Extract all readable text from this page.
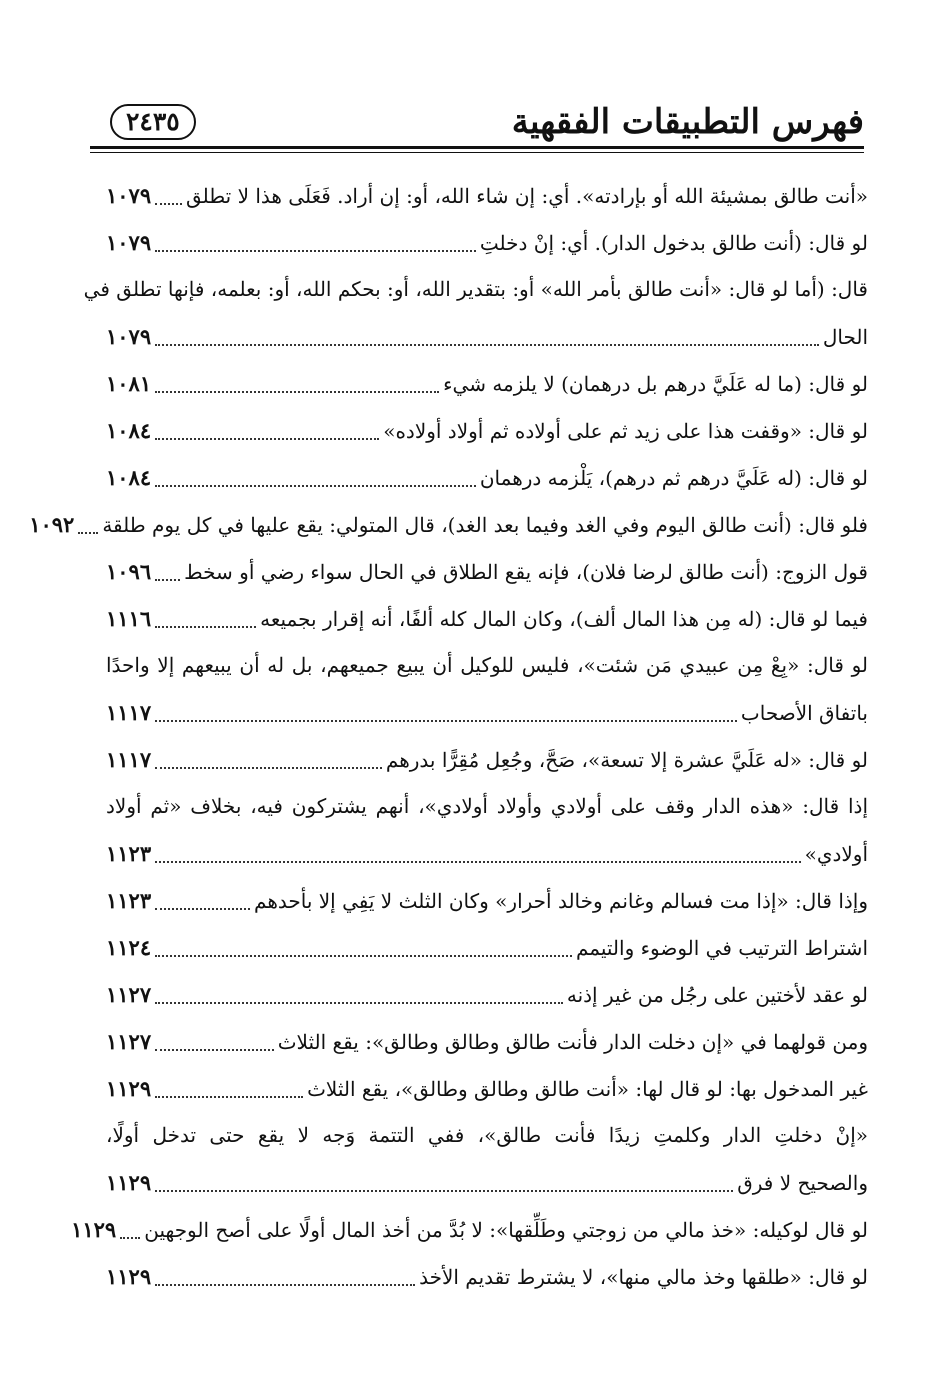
فهرس التطبيقات الفقهية
٢٤٣٥
«أنت طالق بمشيئة الله أو بإرادته». أي: إن شاء الله، أو: إن أراد. فَعَلَى هذا لا تطلق
١٠٧٩
لو قال: (أنت طالق بدخول الدار). أي: إنْ دخلتِ
١٠٧٩
قال: (أما لو قال: «أنت طالق بأمر الله» أو: بتقدير الله، أو: بحكم الله، أو: بعلمه، فإنها تطلق في
الحال
١٠٧٩
لو قال: (ما له عَلَيَّ درهم بل درهمان) لا يلزمه شيء
١٠٨١
لو قال: «وقفت هذا على زيد ثم على أولاده ثم أولاد أولاده»
١٠٨٤
لو قال: (له عَلَيَّ درهم ثم درهم)، يَلْزمه درهمان
١٠٨٤
فلو قال: (أنت طالق اليوم وفي الغد وفيما بعد الغد)، قال المتولي: يقع عليها في كل يوم طلقة
١٠٩٢
قول الزوج: (أنت طالق لرضا فلان)، فإنه يقع الطلاق في الحال سواء رضي أو سخط
١٠٩٦
فيما لو قال: (له مِن هذا المال ألف)، وكان المال كله ألفًا، أنه إقرار بجميعه
١١١٦
لو قال: «بِعْ مِن عبيدي مَن شئت»، فليس للوكيل أن يبيع جميعهم، بل له أن يبيعهم إلا واحدًا
باتفاق الأصحاب
١١١٧
لو قال: «له عَلَيَّ عشرة إلا تسعة»، صَحَّ، وجُعِل مُقِرًّا بدرهم
١١١٧
إذا قال: «هذه الدار وقف على أولادي وأولاد أولادي»، أنهم يشتركون فيه، بخلاف «ثم أولاد
أولادي»
١١٢٣
وإذا قال: «إذا مت فسالم وغانم وخالد أحرار» وكان الثلث لا يَفِي إلا بأحدهم
١١٢٣
اشتراط الترتيب في الوضوء والتيمم
١١٢٤
لو عقد لأختين على رجُل من غير إذنه
١١٢٧
ومن قولهما في «إن دخلت الدار فأنت طالق وطالق وطالق»: يقع الثلاث
١١٢٧
غير المدخول بها: لو قال لها: «أنت طالق وطالق وطالق»، يقع الثلاث
١١٢٩
«إنْ دخلتِ الدار وكلمتِ زيدًا فأنت طالق»، ففي التتمة وَجه لا يقع حتى تدخل أولًا،
والصحيح لا فرق
١١٢٩
لو قال لوكيله: «خذ مالي من زوجتي وطَلِّقها»: لا بُدَّ من أخذ المال أولًا على أصح الوجهين
١١٢٩
لو قال: «طلقها وخذ مالي منها»، لا يشترط تقديم الأخذ
١١٢٩
